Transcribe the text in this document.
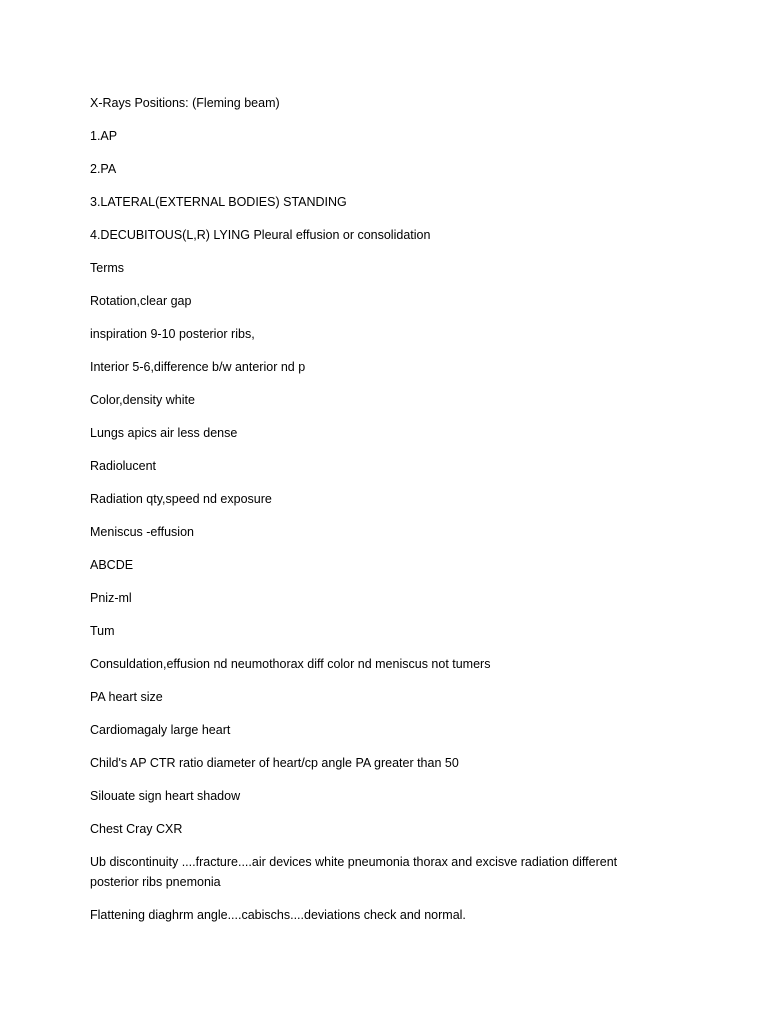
X-Rays Positions: (Fleming beam)

1.AP

2.PA

3.LATERAL(EXTERNAL BODIES) STANDING

4.DECUBITOUS(L,R) LYING Pleural effusion or consolidation

Terms

Rotation,clear gap

inspiration 9-10 posterior ribs,

Interior 5-6,difference b/w anterior nd p

Color,density white

Lungs apics air less dense

Radiolucent

Radiation qty,speed nd exposure

Meniscus -effusion

ABCDE

Pniz-ml

Tum

Consuldation,effusion nd neumothorax diff color nd meniscus not tumers

PA heart size

Cardiomagaly large heart

Child's AP CTR ratio diameter of heart/cp angle PA greater than 50

Silouate sign heart shadow

Chest Cray CXR

Ub discontinuity ....fracture....air devices white pneumonia thorax and excisve radiation different posterior ribs pnemonia

Flattening diaghrm angle....cabischs....deviations check and normal.
